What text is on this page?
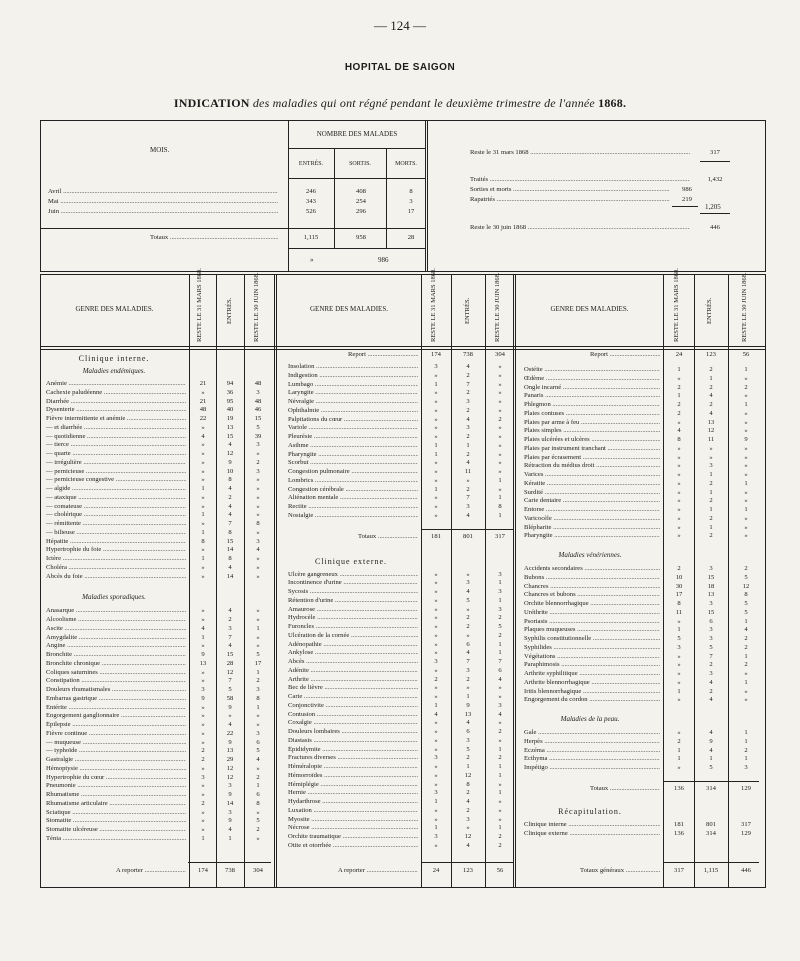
— 124 —
HOPITAL DE SAIGON
INDICATION des maladies qui ont régné pendant le deuxième trimestre de l'année 1868.
MOIS.
NOMBRE DES MALADES
ENTRÉS.	SORTIS.	MORTS.
Avril .....	246	408	8
Mai .....	343	254	3
Juin .....	526	296	17
Totaux .....	1,115	958	28
»	986
Reste le 31 mars 1868 .....	317
Traités .....	1,432
Sorties et morts .....	986
Rapatriés .....	219
1,205
Reste le 30 juin 1868 .....	446
GENRE DES MALADIES.	RESTE LE 31 MARS 1868.	ENTRÉS.	RESTE LE 30 JUIN 1868.	GENRE DES MALADIES.	RESTE LE 31 MARS 1868.	ENTRÉS.	RESTE LE 30 JUIN 1868.	GENRE DES MALADIES.	RESTE LE 31 MARS 1868.	ENTRÉS.	RESTE LE 30 JUIN 1868.
Clinique interne.
Maladies endémiques.
Anémie .....	21	94	48
Cachexie paludéenne .....	»	36	3
Diarrhée .....	21	95	48
Dysenterie .....	48	40	46
Fièvre intermittente et anémie .....	22	19	15
— et diarrhée .....	»	13	5
— quotidienne .....	4	15	39
— tierce .....	»	4	3
— quarte .....	»	12	»
— irrégulière .....	»	9	2
— pernicieuse .....	»	10	3
— pernicieuse congestive .....	»	8	»
— algide .....	1	4	»
— ataxique .....	»	2	»
— comateuse .....	»	4	»
— cholérique .....	1	4	»
— rémittente .....	»	7	8
— bilieuse .....	1	8	»
Hépatite .....	8	15	3
Hypertrophie du foie .....	»	14	4
Ictère .....	1	8	»
Choléra .....	»	4	»
Abcès du foie .....	»	14	»
Maladies sporadiques.
Anasarque .....	»	4	»
Alcoolisme .....	»	2	»
Ascite .....	4	3	1
Amygdalite .....	1	7	»
Angine .....	»	4	»
Bronchite .....	9	15	5
Bronchite chronique .....	13	28	17
Coliques saturnines .....	»	12	1
Constipation .....	»	7	2
Douleurs rhumatismales .....	3	5	3
Embarras gastrique .....	9	58	8
Entérite .....	»	9	1
Engorgement ganglionnaire .....	»	»	»
Épilepsie .....	»	4	»
Fièvre continue .....	»	22	3
— muqueuse .....	»	9	6
— typhoïde .....	2	13	5
Gastralgie .....	2	29	4
Hémoptysie .....	»	12	»
Hypertrophie du cœur .....	3	12	2
Pneumonie .....	»	3	1
Rhumatisme .....	»	9	6
Rhumatisme articulaire .....	2	14	8
Sciatique .....	»	3	»
Stomatite .....	»	9	5
Stomatite ulcéreuse .....	»	4	2
Ténia .....	1	1	»
A reporter .....	174	738	304
Report .....	174	738	304
Insolation .....	3	4	»
Indigestion .....	»	2	»
Lumbago .....	1	7	»
Laryngite .....	»	2	»
Névralgie .....	»	3	»
Ophthalmie .....	»	2	»
Palpitations du cœur .....	»	4	2
Variole .....	»	3	»
Pleurésie .....	»	2	»
Asthme .....	1	1	»
Pharyngite .....	1	2	»
Scorbut .....	»	4	»
Congestion pulmonaire .....	»	11	»
Lombrics .....	»	»	1
Congestion cérébrale .....	1	2	»
Aliénation mentale .....	»	7	1
Rectite .....	»	3	8
Nostalgie .....	»	4	1
Totaux .....	181	801	317
Clinique externe.
Ulcère gangreneux .....	»	»	3
Incontinence d'urine .....	»	3	1
Sycosis .....	»	4	3
Rétention d'urine .....	»	5	1
Amaurose .....	»	»	3
Hydrocèle .....	»	2	2
Furoncles .....	»	2	5
Ulcération de la cornée .....	»	»	2
Adénopathie .....	»	6	1
Ankylose .....	»	4	1
Abcès .....	3	7	7
Adénite .....	»	3	6
Arthrite .....	2	2	4
Bec de lièvre .....	»	»	»
Carie .....	»	1	»
Conjonctivite .....	1	9	3
Contusion .....	4	13	4
Coxalgie .....	»	4	»
Douleurs lombaires .....	»	6	2
Diastasis .....	»	3	»
Épididymite .....	»	5	1
Fractures diverses .....	3	2	2
Héméralopie .....	»	1	1
Hémorroïdes .....	»	12	1
Hémiplégie .....	»	8	»
Hernie .....	3	2	1
Hydarthrose .....	1	4	»
Luxation .....	»	2	»
Myosite .....	»	3	»
Nécrose .....	1	»	1
Orchite traumatique .....	3	12	2
Otite et otorrhée .....	»	4	2
A reporter .....	24	123	56
Report .....	24	123	56
Ostéite .....	1	2	1
Œdème .....	»	1	»
Ongle incarné .....	2	2	2
Panaris .....	1	4	»
Phlegmon .....	2	2	1
Plaies contuses .....	2	4	»
Plaies par arme à feu .....	»	13	»
Plaies simples .....	4	12	»
Plaies ulcérées et ulcères .....	8	11	9
Plaies par instrument tranchant .....	»	»	»
Plaies par écrasement .....	»	»	»
Rétraction du médius droit .....	»	3	»
Varices .....	»	1	»
Kératite .....	»	2	1
Surdité .....	»	1	»
Carie dentaire .....	»	2	»
Entorse .....	»	1	1
Varicocèle .....	»	2	»
Blépharite .....	»	1	»
Pharyngite .....	»	2	»
Maladies vénériennes.
Accidents secondaires .....	2	3	2
Bubons .....	10	15	5
Chancres .....	30	18	12
Chancres et bubons .....	17	13	8
Orchite blennorrhagique .....	8	3	5
Uréthrite .....	11	15	5
Psoriasis .....	»	6	1
Plaques muqueuses .....	1	3	4
Syphilis constitutionnelle .....	5	3	2
Syphilides .....	3	5	2
Végétations .....	»	7	1
Paraphimosis .....	»	2	2
Arthrite syphilitique .....	»	3	»
Arthrite blennorrhagique .....	»	4	1
Iritis blennorrhagique .....	1	2	»
Engorgement du cordon .....	»	4	»
Maladies de la peau.
Gale .....	»	4	1
Herpès .....	2	9	1
Eczéma .....	1	4	2
Ecthyma .....	1	1	1
Impétigo .....	»	5	3
Totaux .....	136	314	129
Récapitulation.
Clinique interne .....	181	801	317
Clinique externe .....	136	314	129
Totaux généraux .....	317	1,115	446
